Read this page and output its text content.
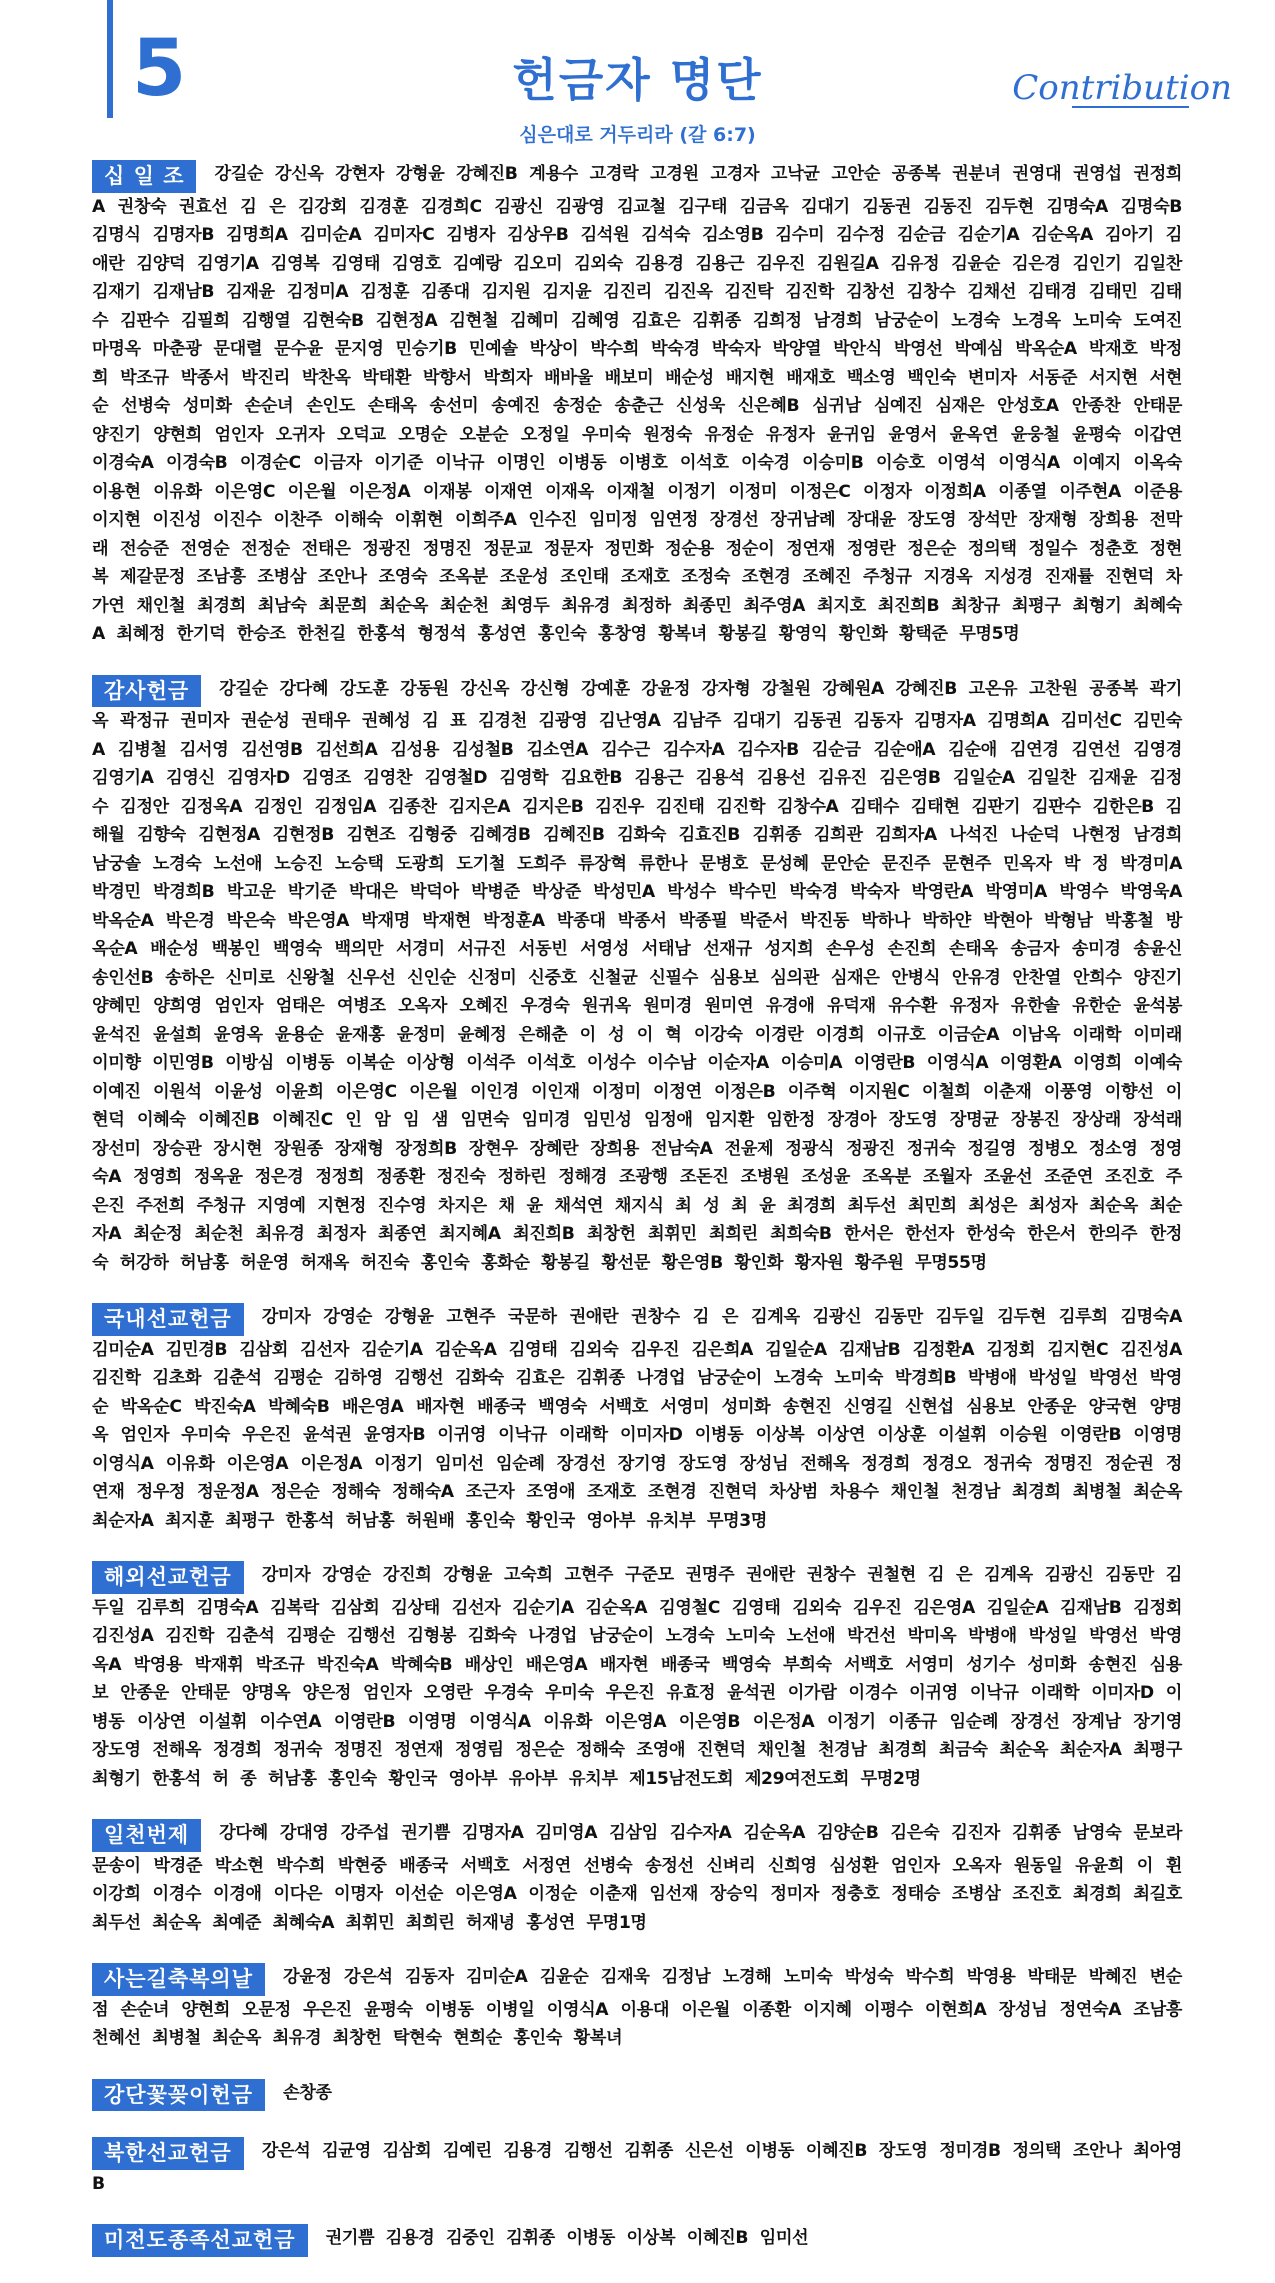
5	헌금자 명단	Contribution
심은대로 거두리라 (갈 6:7)
십 일 조 강길순 강신옥 강현자 강형윤 강혜진B 계용수 고경락 고경원 고경자 고낙균 고안순 공종복 권분녀 권영대 권영섭 권정희A 권창숙 권효선 김 은 김강회 김경훈 김경희C 김광신 김광영 김교철 김구태 김금옥 김대기 김동권 김동진 김두현 김명숙A 김명숙B 김명식 김명자B 김명희A 김미순A 김미자C 김병자 김상우B 김석원 김석숙 김소영B 김수미 김수정 김순금 김순기A 김순옥A 김아기 김애란 김양덕 김영기A 김영복 김영태 김영호 김예랑 김오미 김외숙 김용경 김용근 김우진 김원길A 김유정 김윤순 김은경 김인기 김일찬 김재기 김재남B 김재윤 김정미A 김정훈 김종대 김지원 김지윤 김진리 김진옥 김진탁 김진학 김창선 김창수 김채선 김태경 김태민 김태수 김판수 김필희 김행열 김현숙B 김현정A 김현철 김혜미 김혜영 김효은 김휘종 김희정 남경희 남궁순이 노경숙 노경옥 노미숙 도여진 마명옥 마춘광 문대렬 문수윤 문지영 민승기B 민예솔 박상이 박수희 박숙경 박숙자 박양열 박안식 박영선 박예심 박옥순A 박재호 박정희 박조규 박종서 박진리 박찬옥 박태환 박향서 박희자 배바울 배보미 배순성 배지현 배재호 백소영 백인숙 변미자 서동준 서지현 서현순 선병숙 성미화 손순녀 손인도 손태옥 송선미 송예진 송정순 송춘근 신성욱 신은혜B 심귀남 심예진 심재은 안성호A 안종찬 안태문 양진기 양현희 엄인자 오귀자 오덕교 오명순 오분순 오정일 우미숙 원정숙 유정순 유정자 윤귀임 윤영서 윤옥연 윤웅철 윤평숙 이갑연 이경숙A 이경숙B 이경순C 이금자 이기준 이낙규 이명인 이병동 이병호 이석호 이숙경 이승미B 이승호 이영석 이영식A 이예지 이옥숙 이용현 이유화 이은영C 이은월 이은정A 이재봉 이재연 이재옥 이재철 이정기 이정미 이정은C 이정자 이정희A 이종열 이주현A 이준용 이지현 이진성 이진수 이찬주 이해숙 이휘현 이희주A 인수진 임미정 임연정 장경선 장귀남례 장대윤 장도영 장석만 장재형 장희용 전막래 전승준 전영순 전정순 전태은 정광진 정명진 정문교 정문자 정민화 정순용 정순이 정연재 정영란 정은순 정의택 정일수 정춘호 정현복 제갈문정 조남흥 조병삼 조안나 조영숙 조옥분 조운성 조인태 조재호 조정숙 조현경 조혜진 주청규 지경옥 지성경 진재률 진현덕 차가연 채인철 최경희 최남숙 최문희 최순옥 최순천 최영두 최유경 최정하 최종민 최주영A 최지호 최진희B 최창규 최평구 최형기 최혜숙A 최혜정 한기덕 한승조 한천길 한홍석 형정석 홍성연 홍인숙 홍창영 황복녀 황봉길 황영익 황인화 황택준 무명5명
감사헌금 강길순 강다혜 강도훈 강동원 강신옥 강신형 강예훈 강윤정 강자형 강철원 강혜원A 강혜진B 고온유 고찬원 공종복 곽기옥 곽정규 권미자 권순성 권태우 권혜성 김 표 김경천 김광영 김난영A 김남주 김대기 김동권 김동자 김명자A 김명희A 김미선C 김민숙A 김병철 김서영 김선영B 김선희A 김성용 김성철B 김소연A 김수근 김수자A 김수자B 김순금 김순애A 김순애 김연경 김연선 김영경 김영기A 김영신 김영자D 김영조 김영찬 김영철D 김영학 김요한B 김용근 김용석 김용선 김유진 김은영B 김일순A 김일찬 김재윤 김정수 김정안 김정옥A 김정인 김정임A 김종찬 김지은A 김지은B 김진우 김진태 김진학 김창수A 김태수 김태현 김판기 김판수 김한은B 김해월 김향숙 김현정A 김현정B 김현조 김형중 김혜경B 김혜진B 김화숙 김효진B 김휘종 김희관 김희자A 나석진 나순덕 나현정 남경희 남궁솔 노경숙 노선애 노승진 노승택 도광희 도기철 도희주 류장혁 류한나 문병호 문성혜 문안순 문진주 문현주 민옥자 박 정 박경미A 박경민 박경희B 박고운 박기준 박대은 박덕아 박병준 박상준 박성민A 박성수 박수민 박숙경 박숙자 박영란A 박영미A 박영수 박영욱A 박옥순A 박은경 박은숙 박은영A 박재명 박재현 박정훈A 박종대 박종서 박종필 박준서 박진동 박하나 박하얀 박현아 박형남 박홍철 방옥순A 배순성 백봉인 백영숙 백의만 서경미 서규진 서동빈 서영성 서태남 선재규 성지희 손우성 손진희 손태옥 송금자 송미경 송윤신 송인선B 송하은 신미로 신왕철 신우선 신인순 신정미 신중호 신철균 신필수 심용보 심의관 심재은 안병식 안유경 안찬열 안희수 양진기 양혜민 양희영 엄인자 엄태은 여병조 오옥자 오혜진 우경숙 원귀옥 원미경 원미연 유경애 유덕재 유수환 유정자 유한솔 유한순 윤석봉 윤석진 윤설희 윤영옥 윤용순 윤재홍 윤정미 윤혜정 은해춘 이 성 이 혁 이강숙 이경란 이경희 이규호 이금순A 이남옥 이래학 이미래 이미향 이민영B 이방심 이병동 이복순 이상형 이석주 이석호 이성수 이수남 이순자A 이승미A 이영란B 이영식A 이영환A 이영희 이예숙 이예진 이원석 이윤성 이윤희 이은영C 이은월 이인경 이인재 이정미 이정연 이정은B 이주혁 이지원C 이철희 이춘재 이풍영 이향선 이현덕 이혜숙 이혜진B 이혜진C 인 암 임 샘 임면숙 임미경 임민성 임정애 임지환 임한정 장경아 장도영 장명균 장봉진 장상래 장석래 장선미 장승관 장시현 장원종 장재형 장정희B 장현우 장혜란 장희용 전남숙A 전윤제 정광식 정광진 정귀숙 정길영 정병오 정소영 정영숙A 정영희 정옥윤 정은경 정정희 정종환 정진숙 정하린 정해경 조광행 조돈진 조병원 조성윤 조옥분 조월자 조윤선 조준연 조진호 주은진 주전희 주청규 지영예 지현정 진수영 차지은 채 윤 채석연 채지식 최 성 최 윤 최경희 최두선 최민희 최성은 최성자 최순옥 최순자A 최순정 최순천 최유경 최정자 최종연 최지혜A 최진희B 최창헌 최휘민 최희린 최희숙B 한서은 한선자 한성숙 한은서 한의주 한정숙 허강하 허남홍 허운영 허재옥 허진숙 홍인숙 홍화순 황봉길 황선문 황은영B 황인화 황자원 황주원 무명55명
국내선교헌금 강미자 강영순 강형윤 고현주 국문하 권애란 권창수 김 은 김계옥 김광신 김동만 김두일 김두현 김루희 김명숙A 김미순A 김민경B 김삼회 김선자 김순기A 김순옥A 김영태 김외숙 김우진 김은희A 김일순A 김재남B 김정환A 김정회 김지현C 김진성A 김진학 김초화 김춘석 김평순 김하영 김행선 김화숙 김효은 김휘종 나경업 남궁순이 노경숙 노미숙 박경희B 박병애 박성일 박영선 박영순 박옥순C 박진숙A 박혜숙B 배은영A 배자현 배종국 백영숙 서백호 서영미 성미화 송현진 신영길 신현섭 심용보 안종운 양국현 양명옥 엄인자 우미숙 우은진 윤석권 윤영자B 이귀영 이낙규 이래학 이미자D 이병동 이상복 이상연 이상훈 이설휘 이승원 이영란B 이영명 이영식A 이유화 이은영A 이은정A 이정기 임미선 임순례 장경선 장기영 장도영 장성님 전해옥 정경희 정경오 정귀숙 정명진 정순권 정연재 정우정 정운정A 정은순 정해숙 정해숙A 조근자 조영애 조재호 조현경 진현덕 차상범 차용수 채인철 천경남 최경희 최병철 최순옥 최순자A 최지훈 최평구 한홍석 허남홍 허원배 홍인숙 황인국 영아부 유치부 무명3명
해외선교헌금 강미자 강영순 강진희 강형윤 고숙희 고현주 구준모 권명주 권애란 권창수 권철현 김 은 김계옥 김광신 김동만 김두일 김루희 김명숙A 김복락 김삼회 김상태 김선자 김순기A 김순옥A 김영철C 김영태 김외숙 김우진 김은영A 김일순A 김재남B 김정회 김진성A 김진학 김춘석 김평순 김행선 김형봉 김화숙 나경업 남궁순이 노경숙 노미숙 노선애 박건선 박미옥 박병애 박성일 박영선 박영옥A 박영용 박재휘 박조규 박진숙A 박혜숙B 배상인 배은영A 배자현 배종국 백영숙 부희숙 서백호 서영미 성기수 성미화 송현진 심용보 안종운 안태문 양명옥 양은정 엄인자 오영란 우경숙 우미숙 우은진 유효정 윤석권 이가람 이경수 이귀영 이낙규 이래학 이미자D 이병동 이상연 이설휘 이수연A 이영란B 이영명 이영식A 이유화 이은영A 이은영B 이은정A 이정기 이종규 임순례 장경선 장계남 장기영 장도영 전해옥 정경희 정귀숙 정명진 정연재 정영림 정은순 정해숙 조영애 진현덕 채인철 천경남 최경희 최금숙 최순옥 최순자A 최평구 최형기 한홍석 허 종 허남홍 홍인숙 황인국 영아부 유아부 유치부 제15남전도회 제29여전도회 무명2명
일천번제 강다혜 강대영 강주섭 권기쁨 김명자A 김미영A 김삼임 김수자A 김순옥A 김양순B 김은숙 김진자 김휘종 남영숙 문보라 문송이 박경준 박소현 박수희 박현중 배종국 서백호 서정연 선병숙 송정선 신벼리 신희영 심성환 엄인자 오옥자 원동일 유윤희 이 휜 이강희 이경수 이경애 이다은 이명자 이선순 이은영A 이정순 이춘재 임선재 장승익 정미자 정충호 정태승 조병삼 조진호 최경희 최길호 최두선 최순옥 최예준 최혜숙A 최휘민 최희린 허재녕 홍성연 무명1명
사는길축복의날 강윤정 강은석 김동자 김미순A 김윤순 김재욱 김정남 노경해 노미숙 박성숙 박수희 박영용 박태문 박혜진 변순점 손순녀 양현희 오문정 우은진 윤평숙 이병동 이병일 이영식A 이용대 이은월 이종환 이지혜 이평수 이현희A 장성님 정연숙A 조남흥 천혜선 최병철 최순옥 최유경 최창헌 탁현숙 현희순 홍인숙 황복녀
강단꽃꽂이헌금 손창종
북한선교헌금 강은석 김균영 김삼회 김예린 김용경 김행선 김휘종 신은선 이병동 이혜진B 장도영 정미경B 정의택 조안나 최아영B
미전도종족선교헌금 권기쁨 김용경 김중인 김휘종 이병동 이상복 이혜진B 임미선
